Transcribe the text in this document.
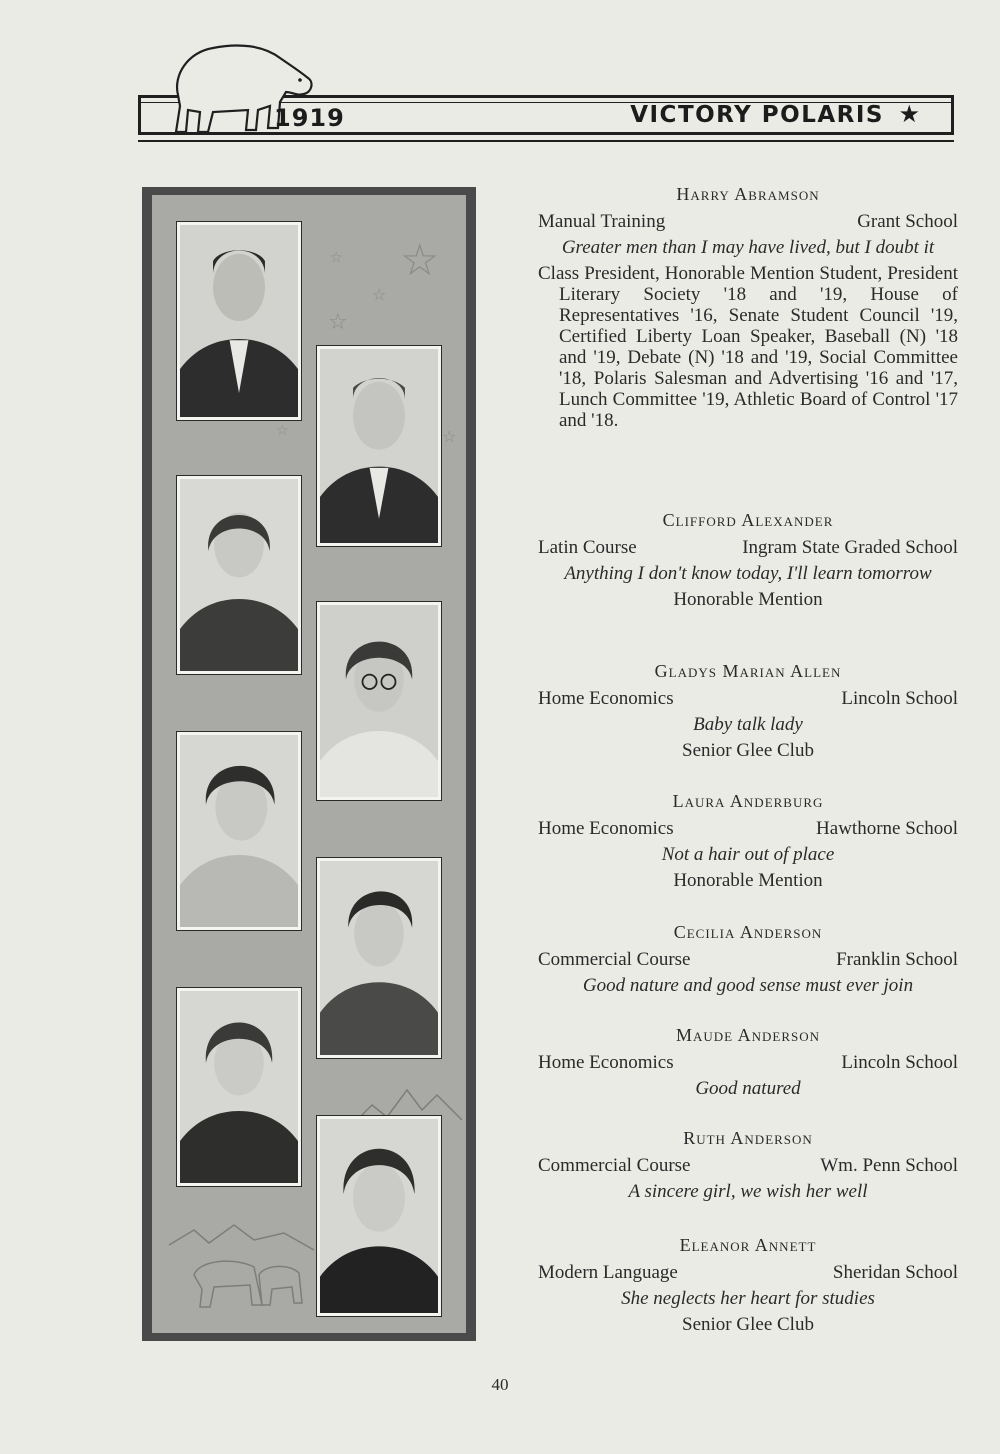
1919	VICTORY POLARIS ★
☆
☆
☆
☆
☆
☆
Harry Abramson
Manual Training	Grant School
Greater men than I may have lived, but I doubt it
Class President, Honorable Mention Student, President Literary Society '18 and '19, House of Representatives '16, Senate Student Council '19, Certified Liberty Loan Speaker, Baseball (N) '18 and '19, Debate (N) '18 and '19, Social Committee '18, Polaris Salesman and Advertising '16 and '17, Lunch Committee '19, Athletic Board of Control '17 and '18.
Clifford Alexander
Latin Course	Ingram State Graded School
Anything I don't know today, I'll learn tomorrow
Honorable Mention
Gladys Marian Allen
Home Economics	Lincoln School
Baby talk lady
Senior Glee Club
Laura Anderburg
Home Economics	Hawthorne School
Not a hair out of place
Honorable Mention
Cecilia Anderson
Commercial Course	Franklin School
Good nature and good sense must ever join
Maude Anderson
Home Economics	Lincoln School
Good natured
Ruth Anderson
Commercial Course	Wm. Penn School
A sincere girl, we wish her well
Eleanor Annett
Modern Language	Sheridan School
She neglects her heart for studies
Senior Glee Club
40
